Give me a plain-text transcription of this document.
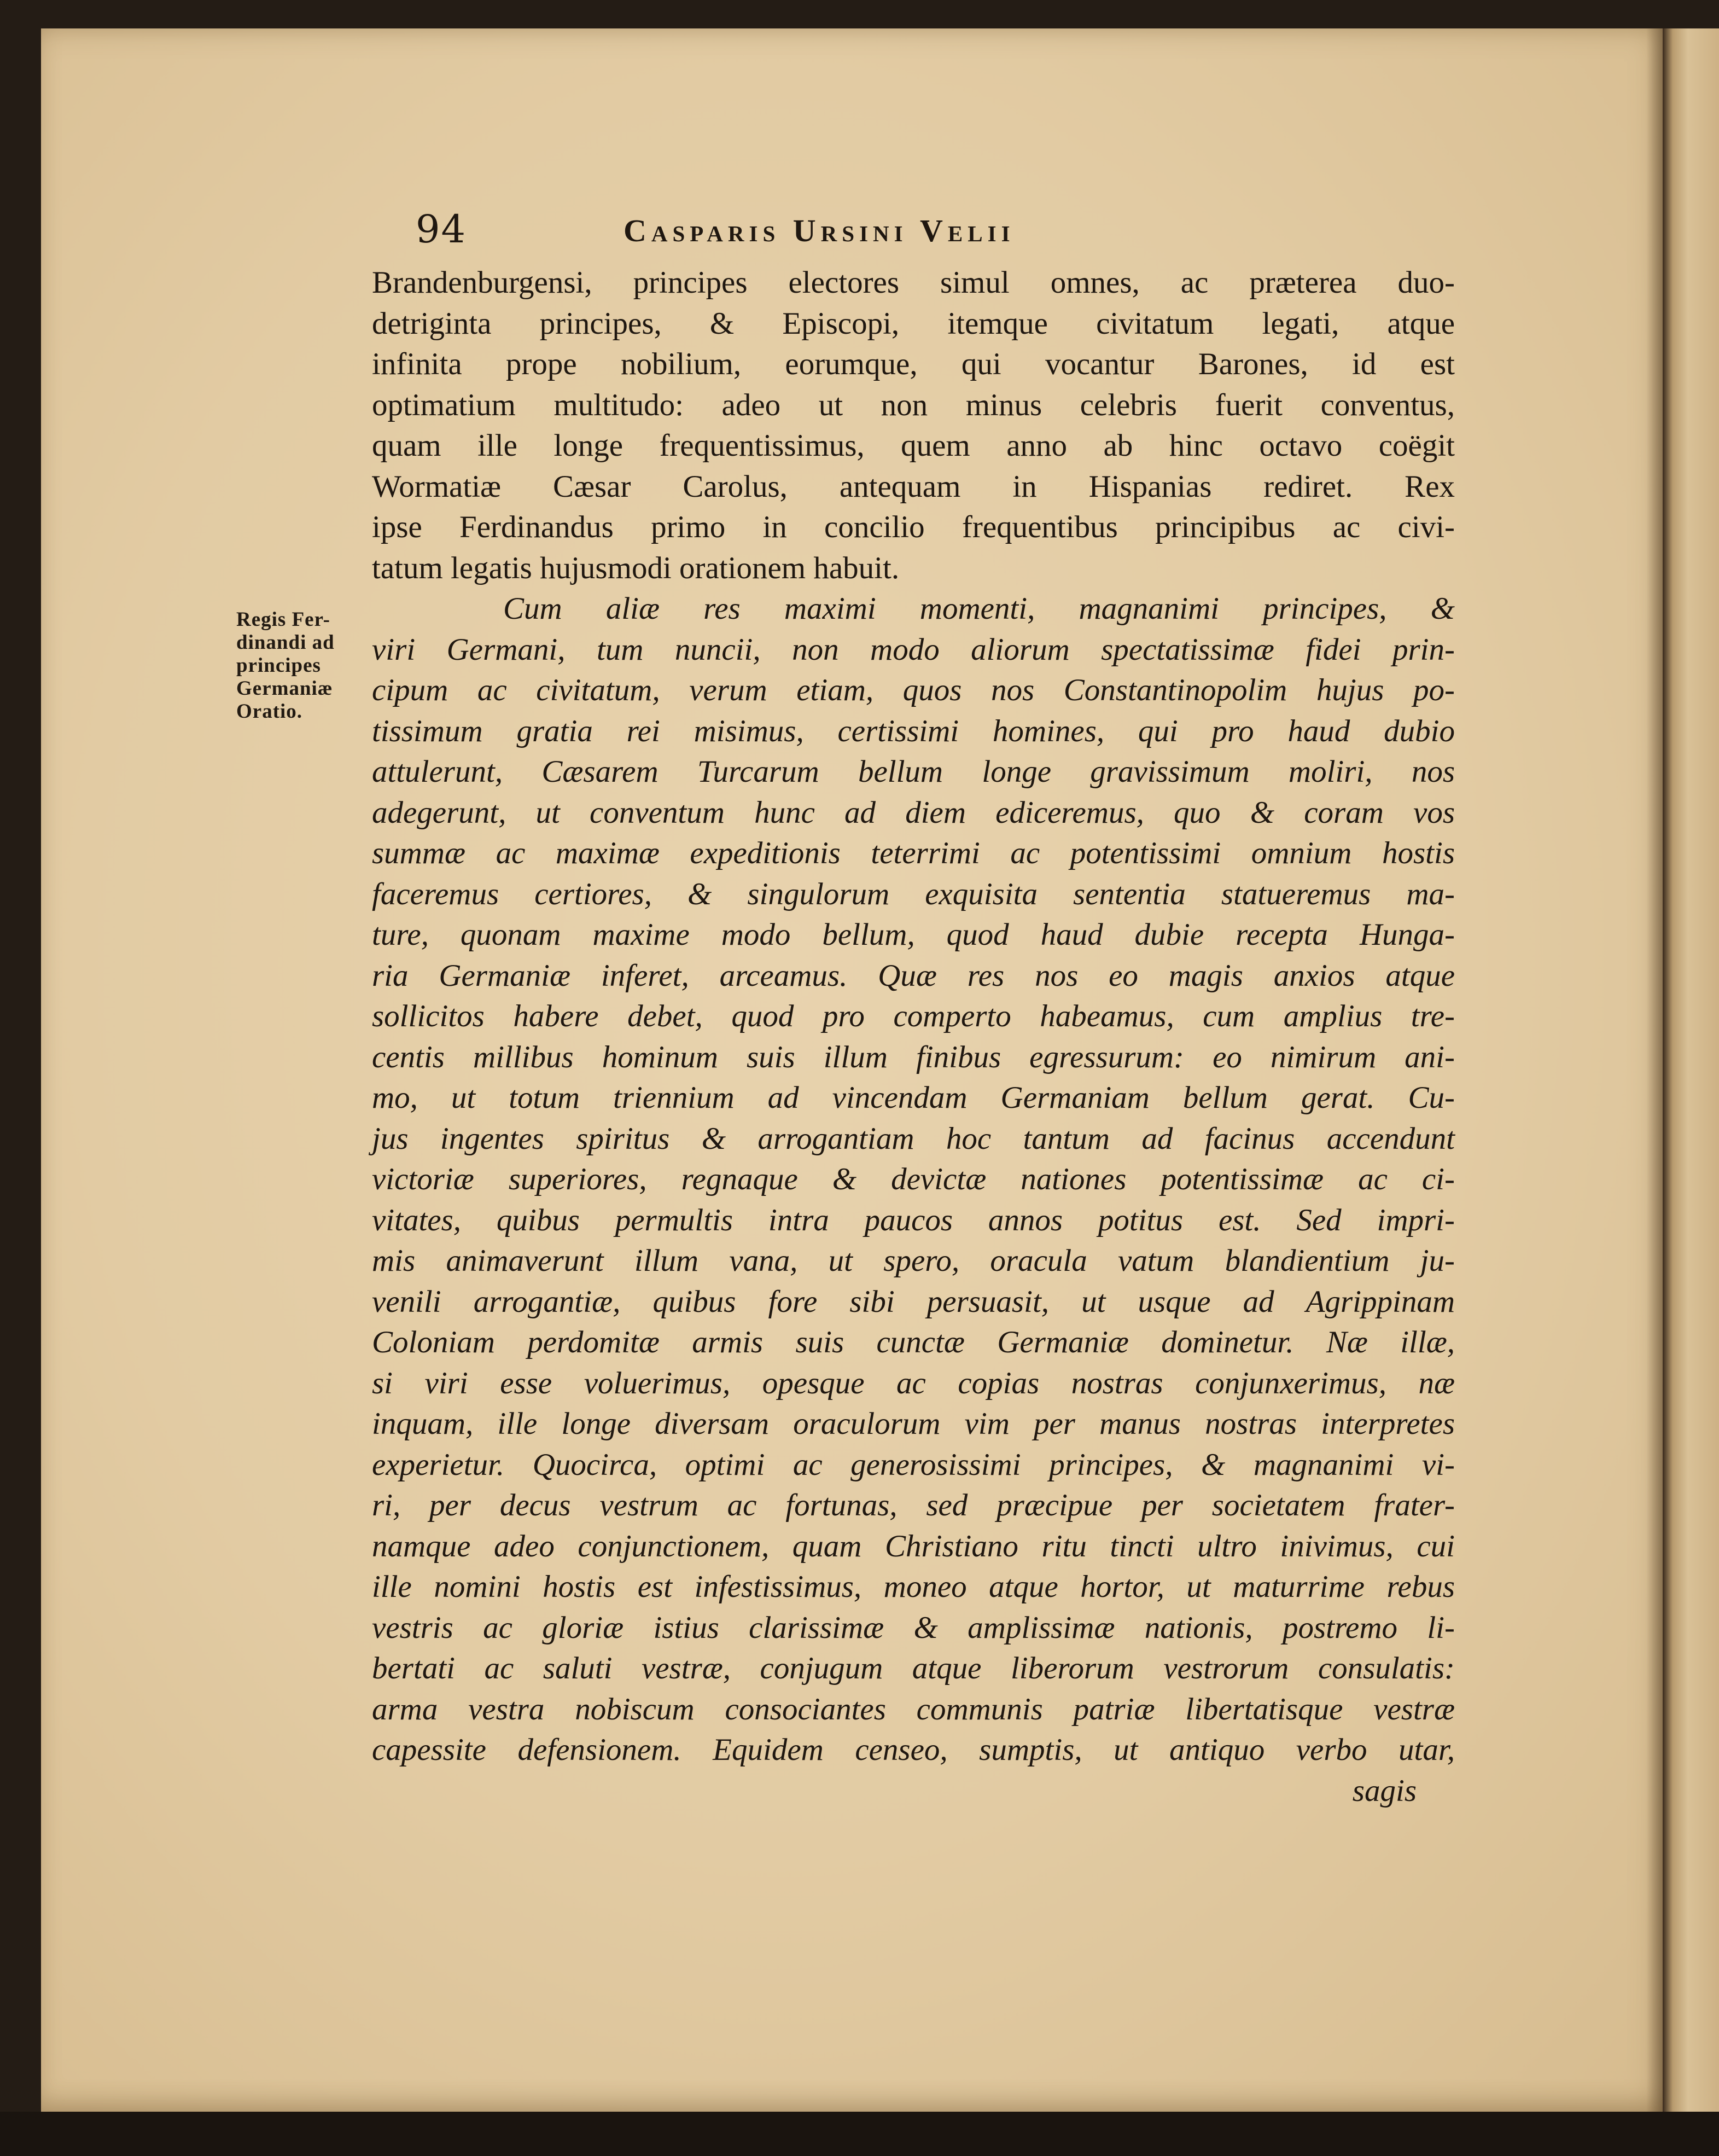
Regis Fer-
dinandi ad
principes
Germaniæ
Oratio.
94	Casparis Ursini Velii
Brandenburgensi, principes electores simul omnes, ac præterea duo-
detriginta principes, & Episcopi, itemque civitatum legati, atque
infinita prope nobilium, eorumque, qui vocantur Barones, id est
optimatium multitudo: adeo ut non minus celebris fuerit conventus,
quam ille longe frequentissimus, quem anno ab hinc octavo coëgit
Wormatiæ Cæsar Carolus, antequam in Hispanias rediret. Rex
ipse Ferdinandus primo in concilio frequentibus principibus ac civi-
tatum legatis hujusmodi orationem habuit.
Cum aliæ res maximi momenti, magnanimi principes, &
viri Germani, tum nuncii, non modo aliorum spectatissimæ fidei prin-
cipum ac civitatum, verum etiam, quos nos Constantinopolim hujus po-
tissimum gratia rei misimus, certissimi homines, qui pro haud dubio
attulerunt, Cæsarem Turcarum bellum longe gravissimum moliri, nos
adegerunt, ut conventum hunc ad diem ediceremus, quo & coram vos
summæ ac maximæ expeditionis teterrimi ac potentissimi omnium hostis
faceremus certiores, & singulorum exquisita sententia statueremus ma-
ture, quonam maxime modo bellum, quod haud dubie recepta Hunga-
ria Germaniæ inferet, arceamus. Quæ res nos eo magis anxios atque
sollicitos habere debet, quod pro comperto habeamus, cum amplius tre-
centis millibus hominum suis illum finibus egressurum: eo nimirum ani-
mo, ut totum triennium ad vincendam Germaniam bellum gerat. Cu-
jus ingentes spiritus & arrogantiam hoc tantum ad facinus accendunt
victoriæ superiores, regnaque & devictæ nationes potentissimæ ac ci-
vitates, quibus permultis intra paucos annos potitus est. Sed impri-
mis animaverunt illum vana, ut spero, oracula vatum blandientium ju-
venili arrogantiæ, quibus fore sibi persuasit, ut usque ad Agrippinam
Coloniam perdomitæ armis suis cunctæ Germaniæ dominetur. Næ illæ,
si viri esse voluerimus, opesque ac copias nostras conjunxerimus, næ
inquam, ille longe diversam oraculorum vim per manus nostras interpretes
experietur. Quocirca, optimi ac generosissimi principes, & magnanimi vi-
ri, per decus vestrum ac fortunas, sed præcipue per societatem frater-
namque adeo conjunctionem, quam Christiano ritu tincti ultro inivimus, cui
ille nomini hostis est infestissimus, moneo atque hortor, ut maturrime rebus
vestris ac gloriæ istius clarissimæ & amplissimæ nationis, postremo li-
bertati ac saluti vestræ, conjugum atque liberorum vestrorum consulatis:
arma vestra nobiscum consociantes communis patriæ libertatisque vestræ
capessite defensionem. Equidem censeo, sumptis, ut antiquo verbo utar,
sagis
